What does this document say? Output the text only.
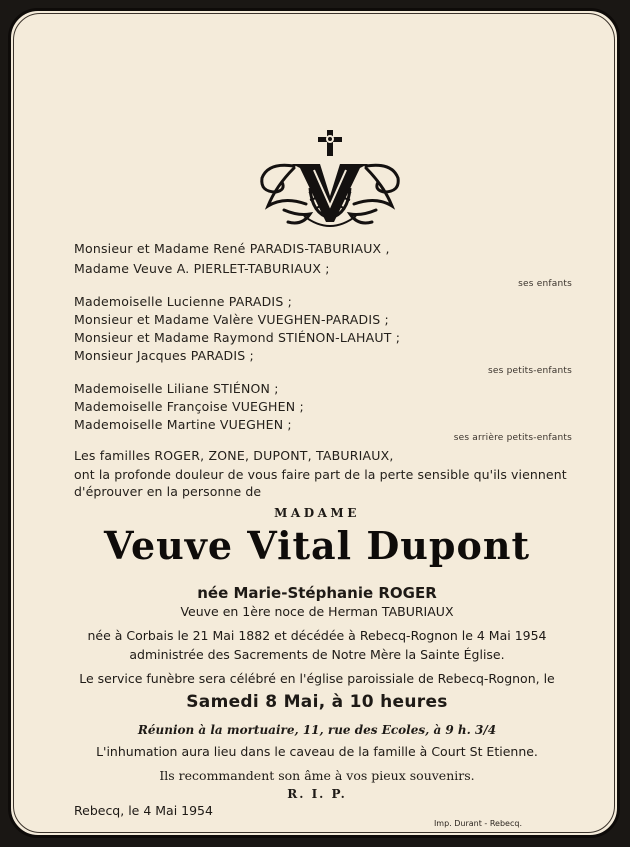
Monsieur et Madame René PARADIS-TABURIAUX ,
Madame Veuve A. PIERLET-TABURIAUX ;
ses enfants
Mademoiselle Lucienne PARADIS ;
Monsieur et Madame Valère VUEGHEN-PARADIS ;
Monsieur et Madame Raymond STIÉNON-LAHAUT ;
Monsieur Jacques PARADIS ;
ses petits-enfants
Mademoiselle Liliane STIÉNON ;
Mademoiselle Françoise VUEGHEN ;
Mademoiselle Martine VUEGHEN ;
ses arrière petits-enfants
Les familles ROGER, ZONE, DUPONT, TABURIAUX,
ont la profonde douleur de vous faire part de la perte sensible qu'ils viennent d'éprouver en la personne de
MADAME
Veuve Vital Dupont
née Marie-Stéphanie ROGER
Veuve en 1ère noce de Herman TABURIAUX
née à Corbais le 21 Mai 1882 et décédée à Rebecq-Rognon le 4 Mai 1954
administrée des Sacrements de Notre Mère la Sainte Église.
Le service funèbre sera célébré en l'église paroissiale de Rebecq-Rognon, le
Samedi 8 Mai, à 10 heures
Réunion à la mortuaire, 11, rue des Ecoles, à 9 h. 3/4
L'inhumation aura lieu dans le caveau de la famille à Court St Etienne.
Ils recommandent son âme à vos pieux souvenirs.
R. I. P.
Rebecq, le 4 Mai 1954
Imp. Durant - Rebecq.
